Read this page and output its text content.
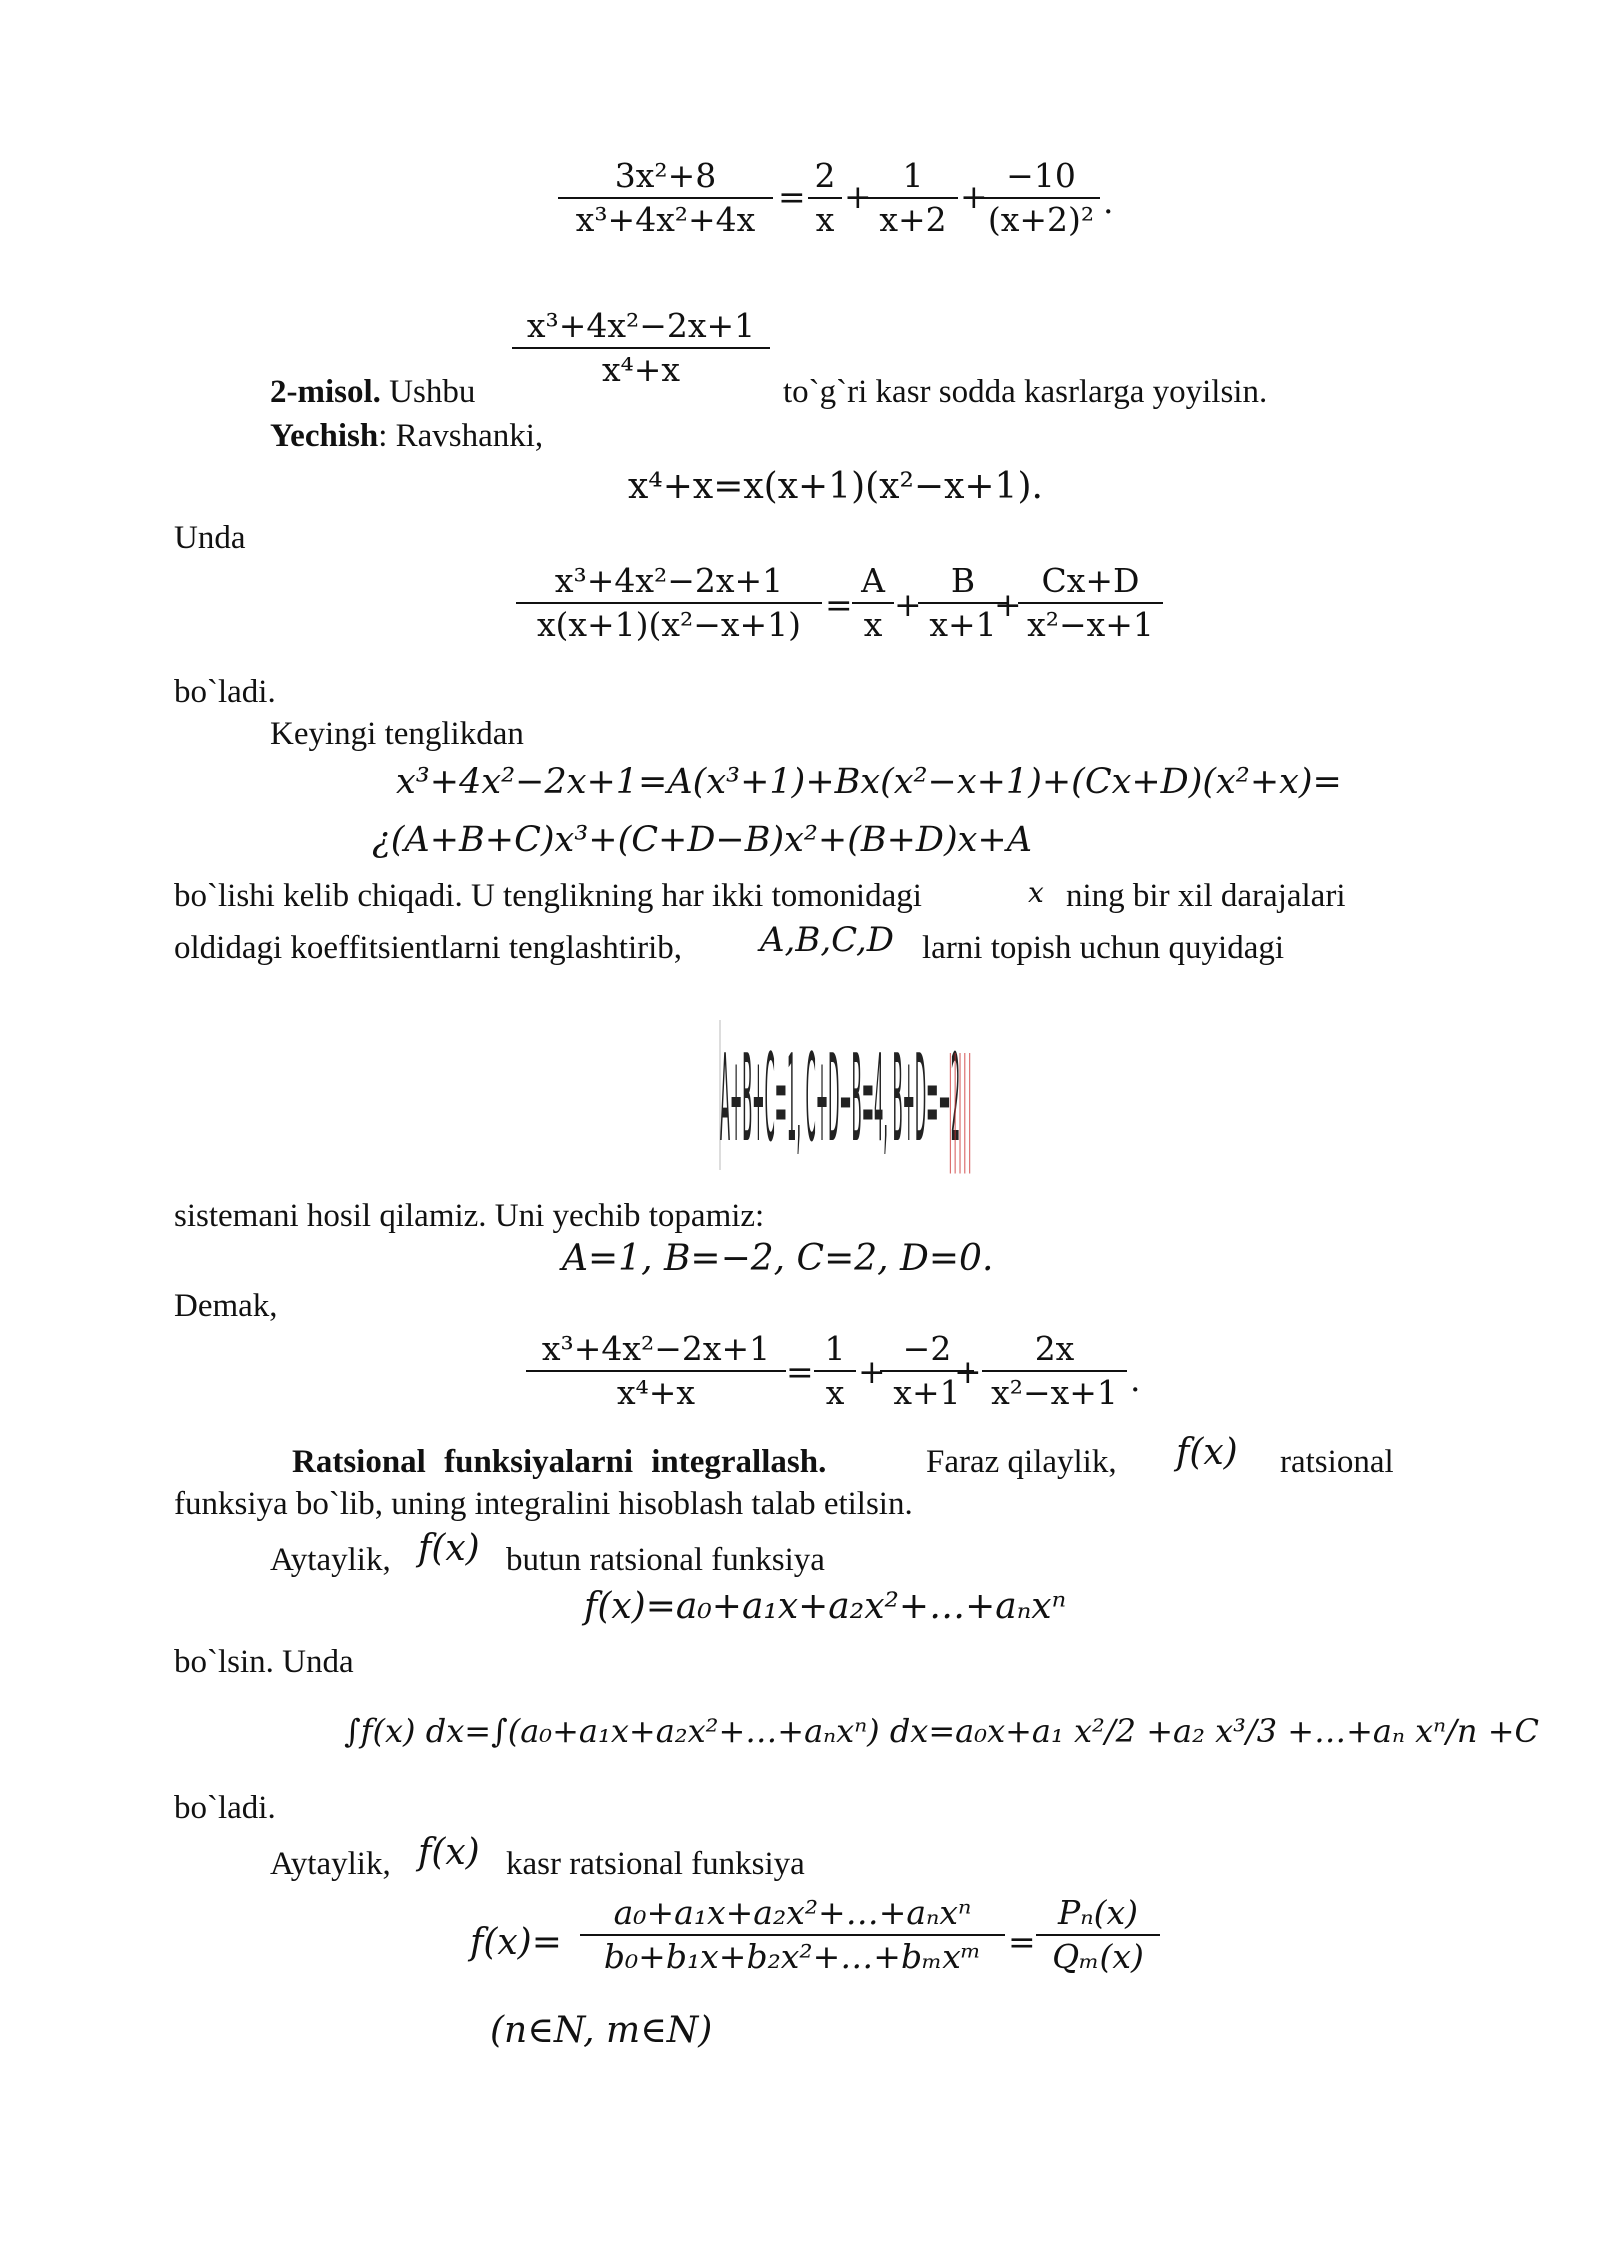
3x²+8
x³+4x²+4x
=
2
x
+
1
x+2
+
−10
(x+2)² .
x³+4x²−2x+1
x⁴+x
2-misol. Ushbu	to`g`ri kasr sodda kasrlarga yoyilsin.
Yechish: Ravshanki,
x⁴+x=x(x+1)(x²−x+1).
Unda
x³+4x²−2x+1
x(x+1)(x²−x+1)
=
A
x
+
B
x+1
+
Cx+D
x²−x+1
bo`ladi.
Keyingi tenglikdan
x³+4x²−2x+1=A(x³+1)+Bx(x²−x+1)+(Cx+D)(x²+x)=
¿(A+B+C)x³+(C+D−B)x²+(B+D)x+A
bo`lishi kelib chiqadi. U tenglikning har ikki tomonidagi	x ning bir xil darajalari
oldidagi koeffitsientlarni tenglashtirib, A,B,C,D larni topish uchun quyidagi
A+B+C=1, C+D−B=4, B+D=−2
|||||
sistemani hosil qilamiz. Uni yechib topamiz:
A=1, B=−2, C=2, D=0.
Demak,
x³+4x²−2x+1
x⁴+x
=
1
x
+
−2
x+1
+
2x
x²−x+1 .
Ratsional funksiyalarni integrallash.	Faraz qilaylik, f(x) ratsional
funksiya bo`lib, uning integralini hisoblash talab etilsin.
Aytaylik, f(x) butun ratsional funksiya
f(x)=a₀+a₁x+a₂x²+…+aₙxⁿ
bo`lsin. Unda
∫f(x) dx=∫(a₀+a₁x+a₂x²+…+aₙxⁿ) dx=a₀x+a₁ x²/2 +a₂ x³/3 +…+aₙ xⁿ/n +C
bo`ladi.
Aytaylik, f(x) kasr ratsional funksiya
f(x)=
a₀+a₁x+a₂x²+…+aₙxⁿ
b₀+b₁x+b₂x²+…+bₘxᵐ =
Pₙ(x)
Qₘ(x)
(n∈N, m∈N)
